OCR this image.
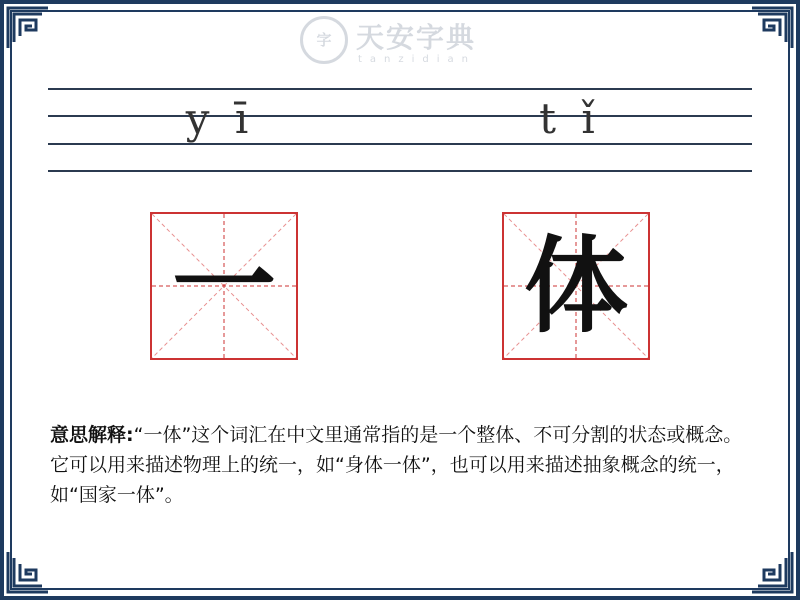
字 天安字典
tanzidian
y ī	t ǐ
一 体
意思解释:“一体”这个词汇在中文里通常指的是一个整体、不可分割的状态或概念。它可以用来描述物理上的统一，如“身体一体”，也可以用来描述抽象概念的统一，如“国家一体”。
